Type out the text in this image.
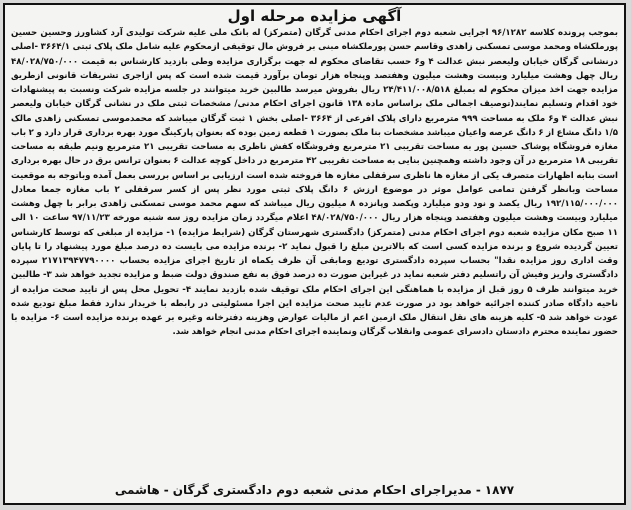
آگهی مزایده مرحله اول
بموجب پرونده کلاسه ۹۶/۱۲۸۲ اجرایی شعبه دوم اجرای احکام مدنی گرگان (متمرکز) له بانک ملی علیه شرکت تولیدی آرد کشاورز وحسین حسین پورملکشاه ومحمد موسی تمسکنی زاهدی وقاسم حسن پورملکشاه مبنی بر فروش مال توقیفی ازمحکوم علیه شامل ملک پلاک ثبتی ۳۶۶۴/۱ -اصلی درنشانی گرگان خیابان ولیعصر نبش عدالت ۴ و۶ حسب تقاضای محکوم له جهت برگزاری مزایده وطی بازدید کارشناس به قیمت ۴۸/۰۲۸/۷۵۰/۰۰۰ ریال چهل وهشت میلیارد وبیست وهشت میلیون وهفتصد وپنجاه هزار تومان برآورد قیمت شده است که پس ازاجری تشریفات قانونی ازطریق مزایده جهت اخذ میزان محکوم له بمبلغ ۲۴/۴۱۱/۰۰۸/۵۱۸ ریال بفروش میرسد طالبین خرید میتوانند در جلسه مزایده شرکت ونسبت به پیشنهادات خود اقدام وتسلیم نمایند(توصیف اجمالی ملک براساس ماده ۱۳۸ قانون اجرای احکام مدنی/ مشخصات ثبتی ملک در نشانی گرگان خیابان ولیعصر نبش عدالت ۴ و۶ ملک به مساحت ۹۹۹ مترمربع دارای پلاک افرعی از ۳۶۶۴ -اصلی بخش ۱ ثبت گرگان میباشد که محمدموسی تمسکنی زاهدی مالک ۱/۵ دانگ مشاع از ۶ دانگ عرصه واعیان میباشد مشخصات بنا ملک بصورت ۱ قطعه زمین بوده که بعنوان پارکینگ مورد بهره برداری قرار دارد و ۲ باب مغازه فروشگاه پوشاک حسین پور به مساحت تقریبی ۲۱ مترمربع وفروشگاه کفش ناظری به مساحت تقریبی ۲۱ مترمربع ونیم طبقه به مساحت تقریبی ۱۸ مترمربع در آن وجود داشته وهمچنین بنایی به مساحت تقریبی ۴۲ مترمربع در داخل کوچه عدالت ۶ بعنوان ترانس برق در حال بهره برداری است بنابه اظهارات متصرف یکی از مغازه ها ناظری سرقفلی مغازه ها فروخته شده است ارزیابی بر اساس بررسی بعمل آمده وباتوجه به موقعیت مساحت وبانظر گرفتن تمامی عوامل موثر در موضوع ارزش ۶ دانگ پلاک ثبتی مورد نظر پس از کسر سرقفلی ۲ باب مغازه جمعا معادل ۱۹۲/۱۱۵/۰۰۰/۰۰۰ ریال یکصد و نود ودو میلیارد وپکصد وپانزده ۸ میلیون ریال میباشد که سهم محمد موسی تمسکنی زاهدی برابر با چهل وهشت میلیارد وبیست وهشت میلیون وهفتصد وپنجاه هزار ریال ۴۸/۰۲۸/۷۵۰/۰۰۰ اعلام میگردد زمان مزایده روز سه شنبه مورخه ۹۷/۱۱/۲۳ ساعت ۱۰ الی ۱۱ صبح مکان مزایده شعبه دوم اجرای احکام مدنی (متمرکز) دادگستری شهرستان گرگان (شرایط مزایده) ۱- مزایده از مبلغی که توسط کارشناس تعیین گردیده شروع و برنده مزایده کسی است که بالاترین مبلغ را قبول نماید ۲- برنده مزایده می بایست ده درصد مبلغ مورد پیشنهاد را تا پایان وقت اداری روز مزایده نقدا" بحساب سپرده دادگستری تودیع ومابقی آن ظرف یکماه از تاریخ اجرای مزایده بحساب ۲۱۷۱۳۹۴۷۷۹۰۰۰۰ سپرده دادگستری واریز وفیش آن راتسلیم دفتر شعبه نماید در غیراین صورت ده درصد فوق به نفع صندوق دولت ضبط و مزایده تجدید خواهد شد ۳- طالبین خرید میتوانند ظرف ۵ روز قبل از مزایده با هماهنگی این اجرای احکام ملک توقیف شده بازدید نمایند ۴- تحویل محل پس از تایید صحت مزایده از ناحیه دادگاه صادر کننده اجرائیه خواهد بود در صورت عدم تایید صحت مزایده این اجرا مسئولیتی در رابطه با خریدار ندارد فقط مبلغ تودیع شده عودت خواهد شد ۵- کلیه هزینه های نقل انتقال ملک ازمبن اعم از مالیات عوارض وهزینه دفترخانه وغیره بر عهده برنده مزایده است ۶- مزایده با حضور نماینده محترم دادستان دادسرای عمومی وانقلاب گرگان ونماینده اجرای احکام مدنی انجام خواهد شد.
۱۸۷۷-مدیراجرای احکام مدنی شعبه دوم دادگستری گرگان-هاشمی
